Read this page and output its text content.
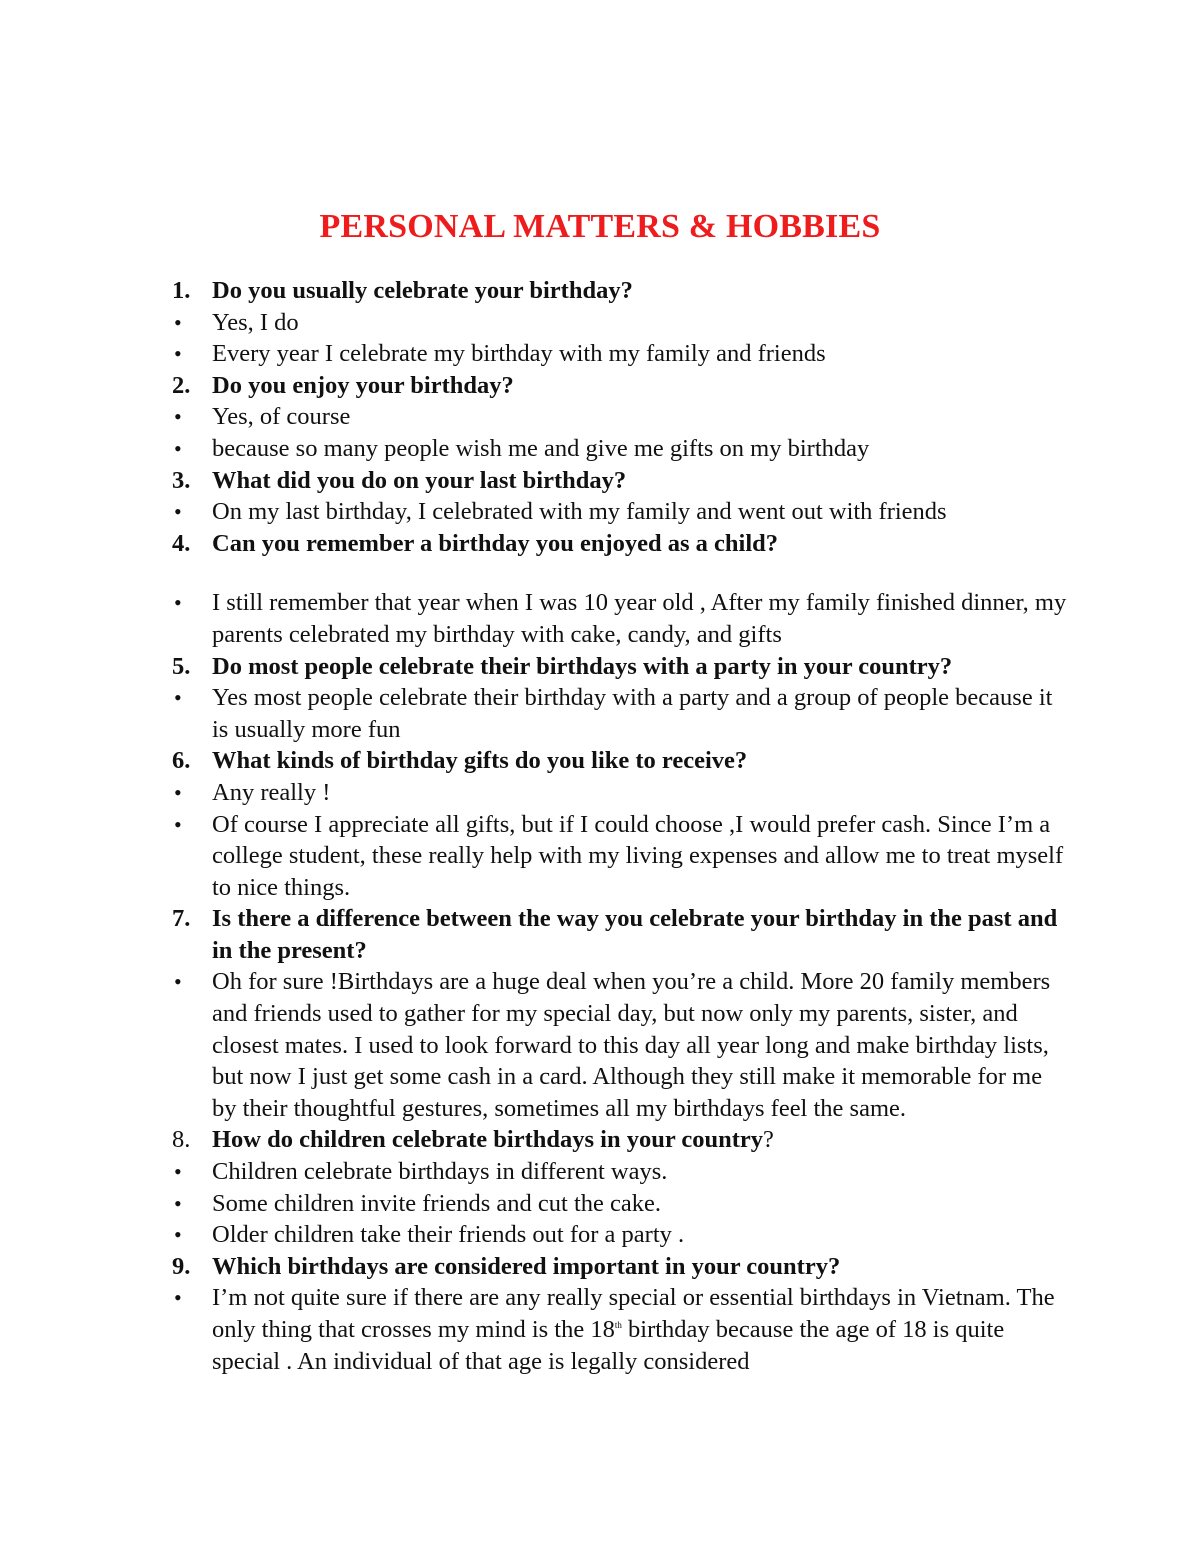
PERSONAL MATTERS & HOBBIES
1. Do you usually celebrate your birthday?
•	Yes, I do
•	Every year I celebrate my birthday with my family and friends
2. Do you enjoy your birthday?
•	Yes, of course
•	because so many people wish me and give me gifts on my birthday
3. What did you do on your last birthday?
•	On my last birthday, I celebrated with my family and went out with friends
4. Can you remember a birthday you enjoyed as a child?
•	I still remember that year when I was 10 year old , After my family finished dinner, my parents celebrated my birthday with cake, candy, and gifts
5. Do most people celebrate their birthdays with a party in your country?
•	Yes most people celebrate their birthday with a party and a group of people because it is usually more fun
6. What kinds of birthday gifts do you like to receive?
•	Any really !
•	Of course I appreciate all gifts, but if I could choose ,I would prefer cash. Since I’m a college student, these really help with my living expenses and allow me to treat myself to nice things.
7. Is there a difference between the way you celebrate your birthday in the past and in the present?
•	Oh for sure !Birthdays are a huge deal when you’re a child. More 20 family members and friends used to gather for my special day, but now only my parents, sister, and closest mates. I used to look forward to this day all year long and make birthday lists, but now I just get some cash in a card. Although they still make it memorable for me by their thoughtful gestures, sometimes all my birthdays feel the same.
8. How do children celebrate birthdays in your country?
•	Children celebrate birthdays in different ways.
•	Some children invite friends and cut the cake.
•	Older children take their friends out for a party .
9. Which birthdays are considered important in your country?
•	I’m not quite sure if there are any really special or essential birthdays in Vietnam. The only thing that crosses my mind is the 18th birthday because the age of 18 is quite special . An individual of that age is legally considered
